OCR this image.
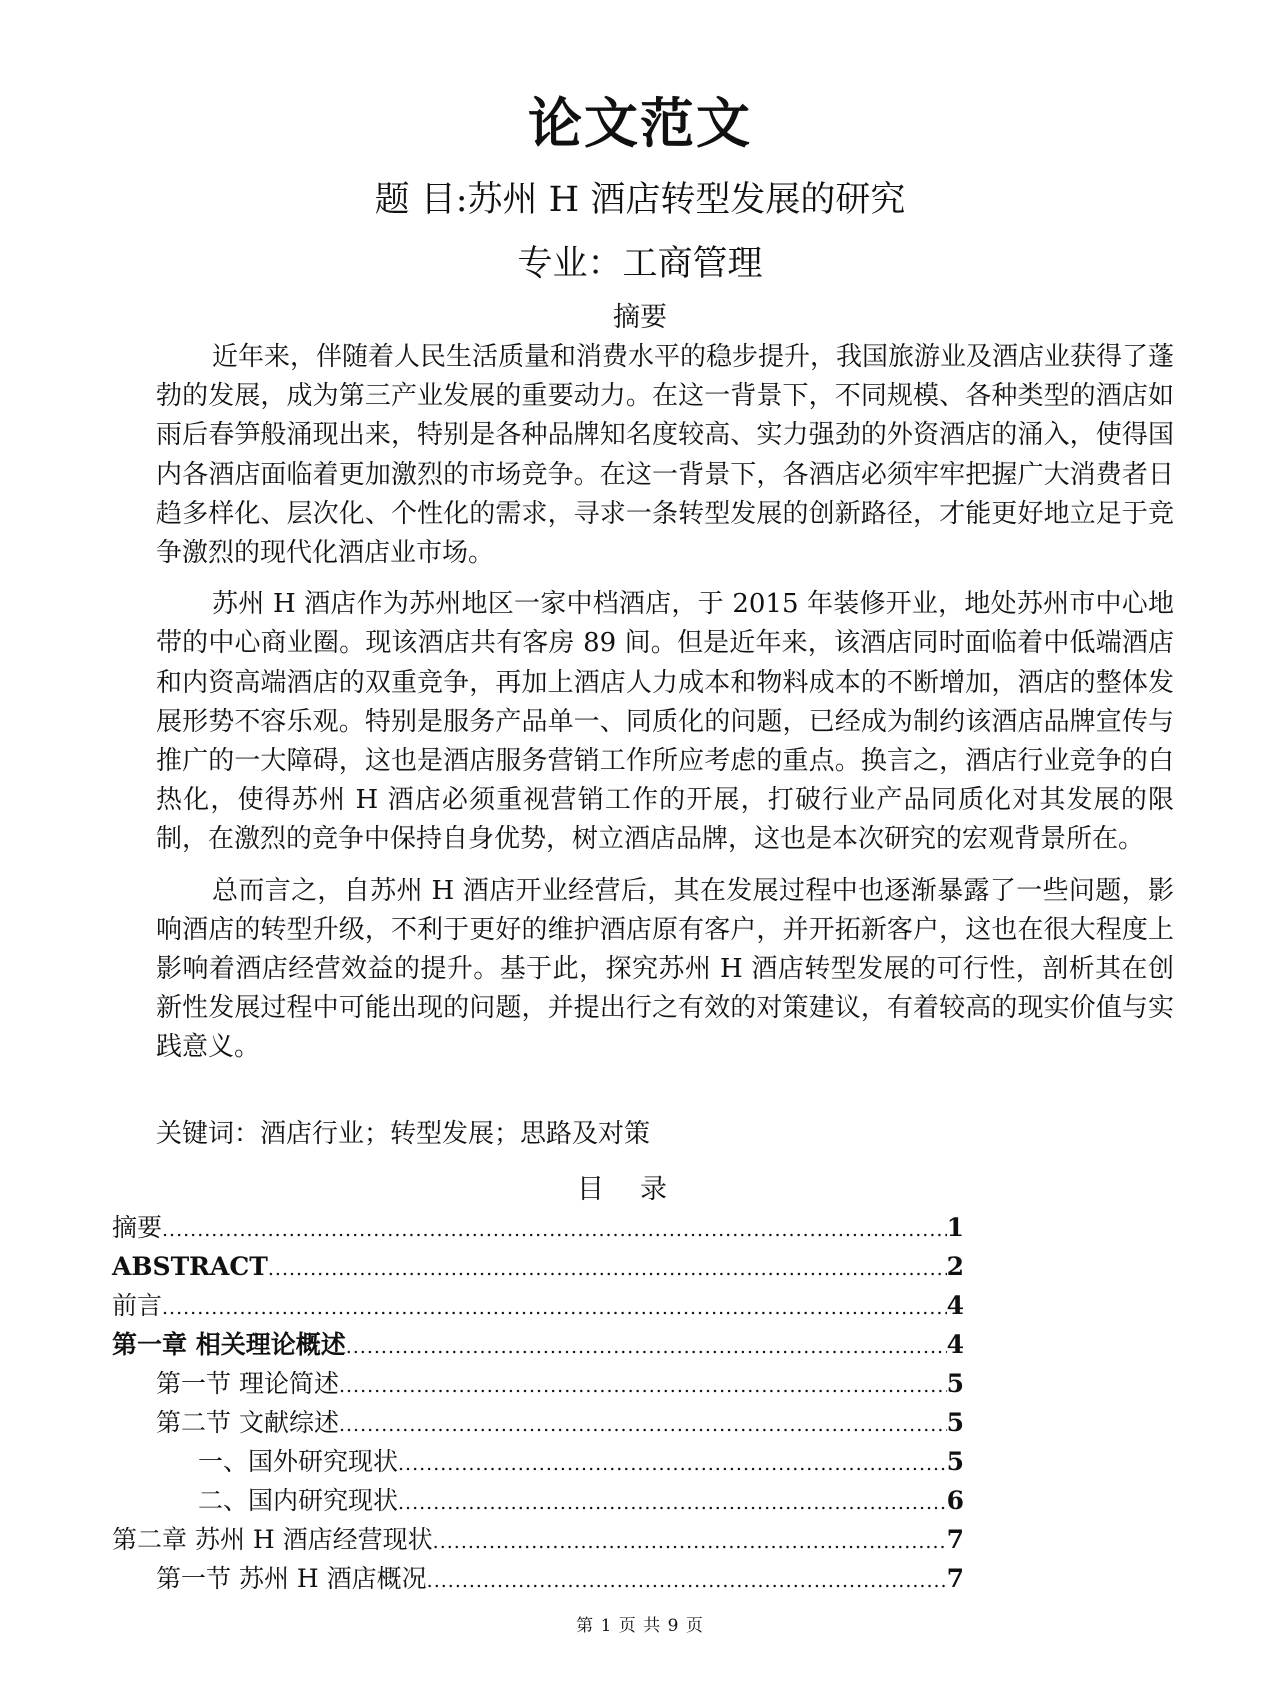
论文范文
题 目:苏州 H 酒店转型发展的研究
专业：工商管理
摘要

近年来，伴随着人民生活质量和消费水平的稳步提升，我国旅游业及酒店业获得了蓬勃的发展，成为第三产业发展的重要动力。在这一背景下，不同规模、各种类型的酒店如雨后春笋般涌现出来，特别是各种品牌知名度较高、实力强劲的外资酒店的涌入，使得国内各酒店面临着更加激烈的市场竞争。在这一背景下，各酒店必须牢牢把握广大消费者日趋多样化、层次化、个性化的需求，寻求一条转型发展的创新路径，才能更好地立足于竞争激烈的现代化酒店业市场。

苏州 H 酒店作为苏州地区一家中档酒店，于 2015 年装修开业，地处苏州市中心地带的中心商业圈。现该酒店共有客房 89 间。但是近年来，该酒店同时面临着中低端酒店和内资高端酒店的双重竞争，再加上酒店人力成本和物料成本的不断增加，酒店的整体发展形势不容乐观。特别是服务产品单一、同质化的问题，已经成为制约该酒店品牌宣传与推广的一大障碍，这也是酒店服务营销工作所应考虑的重点。换言之，酒店行业竞争的白热化，使得苏州 H 酒店必须重视营销工作的开展，打破行业产品同质化对其发展的限制，在激烈的竞争中保持自身优势，树立酒店品牌，这也是本次研究的宏观背景所在。

总而言之，自苏州 H 酒店开业经营后，其在发展过程中也逐渐暴露了一些问题，影响酒店的转型升级，不利于更好的维护酒店原有客户，并开拓新客户，这也在很大程度上影响着酒店经营效益的提升。基于此，探究苏州 H 酒店转型发展的可行性，剖析其在创新性发展过程中可能出现的问题，并提出行之有效的对策建议，有着较高的现实价值与实践意义。

关键词：酒店行业；转型发展；思路及对策
目录
摘要 .....	1
ABSTRACT .....	2
前言 .....	4
第一章 相关理论概述 .....	4
第一节 理论简述 .....	5
第二节 文献综述 .....	5
一、国外研究现状 .....	5
二、国内研究现状 .....	6
第二章 苏州 H 酒店经营现状 .....	7
第一节 苏州 H 酒店概况 .....	7
第 1 页 共 9 页
